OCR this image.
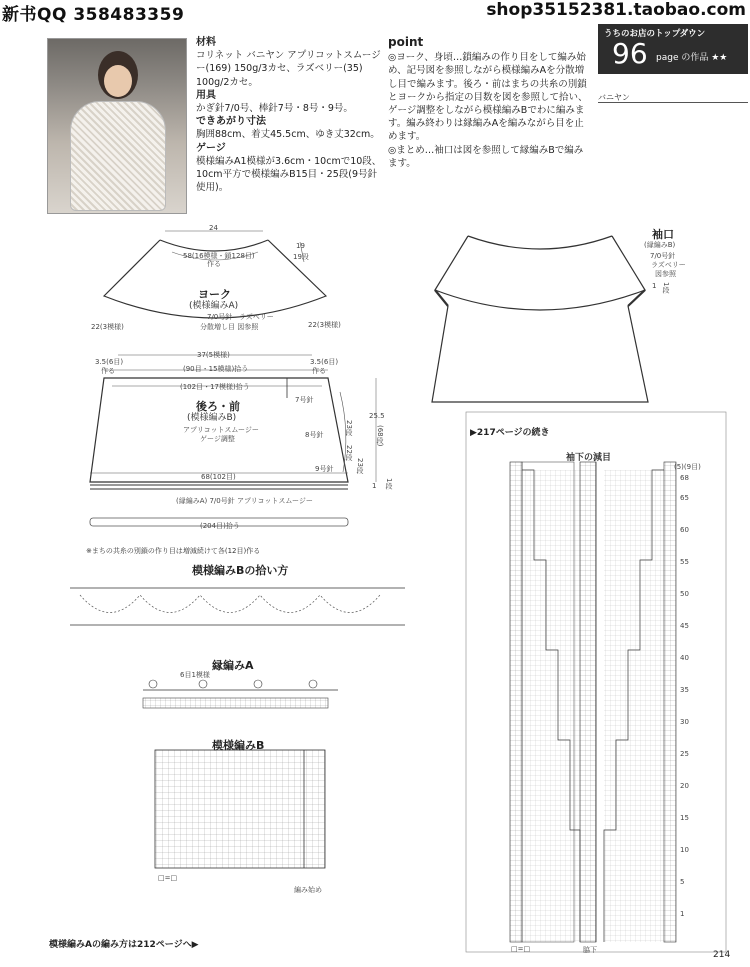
新书QQ 358483359	shop35152381.taobao.com
材料

コリネット バニヤン アプリコットスムージー(169) 150g/3カセ、ラズベリー(35) 100g/2カセ。

用具

かぎ針7/0号、棒針7号・8号・9号。

できあがり寸法

胸囲88cm、着丈45.5cm、ゆき丈32cm。

ゲージ

模様編みA1模様が3.6cm・10cmで10段、10cm平方で模様編みB15目・25段(9号針使用)。

point

◎ヨーク、身頃…鎖編みの作り目をして編み始め、記号図を参照しながら模様編みAを分散増し目で編みます。後ろ・前はまちの共糸の別鎖とヨークから指定の目数を図を参照して拾い、ゲージ調整をしながら模様編みBでわに編みます。編み終わりは縁編みAを編みながら目を止めます。

◎まとめ…袖口は図を参照して縁編みBで編みます。

うちのお店のトップダウン
96 page の作品 ★★
バニヤン
24
58(16模様・鎖128目)
作る
19
19段
ヨーク
(模様編みA)
7/0号針 ラズベリー
分散増し目 図参照
22(3模様)	22(3模様)
37(5模様)
3.5(6目)
作る
3.5(6目)
作る
(90目・15模様)拾う
(102目・17模様)拾う
後ろ・前
(模様編みB)
アプリコットスムージー
ゲージ調整
7号針
8号針
9号針
25.5
(68段)
23段
22段
23段
68(102目)
1 1段
(縁編みA) 7/0号針 アプリコットスムージー
(204目)拾う
※まちの共糸の別鎖の作り目は増減続けて各(12目)作る
袖口
(縁編みB)
7/0号針
ラズベリー
図参照
1 1段
模様編みBの拾い方
縁編みA
6目1模様
模様編みB
□=□
編み始め
▶217ページの続き
袖下の減目
(5)(9目)
□=□	脇下
68
65
60
55
50
45
40
35
30
25
20
15
10
5
1
模様編みAの編み方は212ページへ▶
214
